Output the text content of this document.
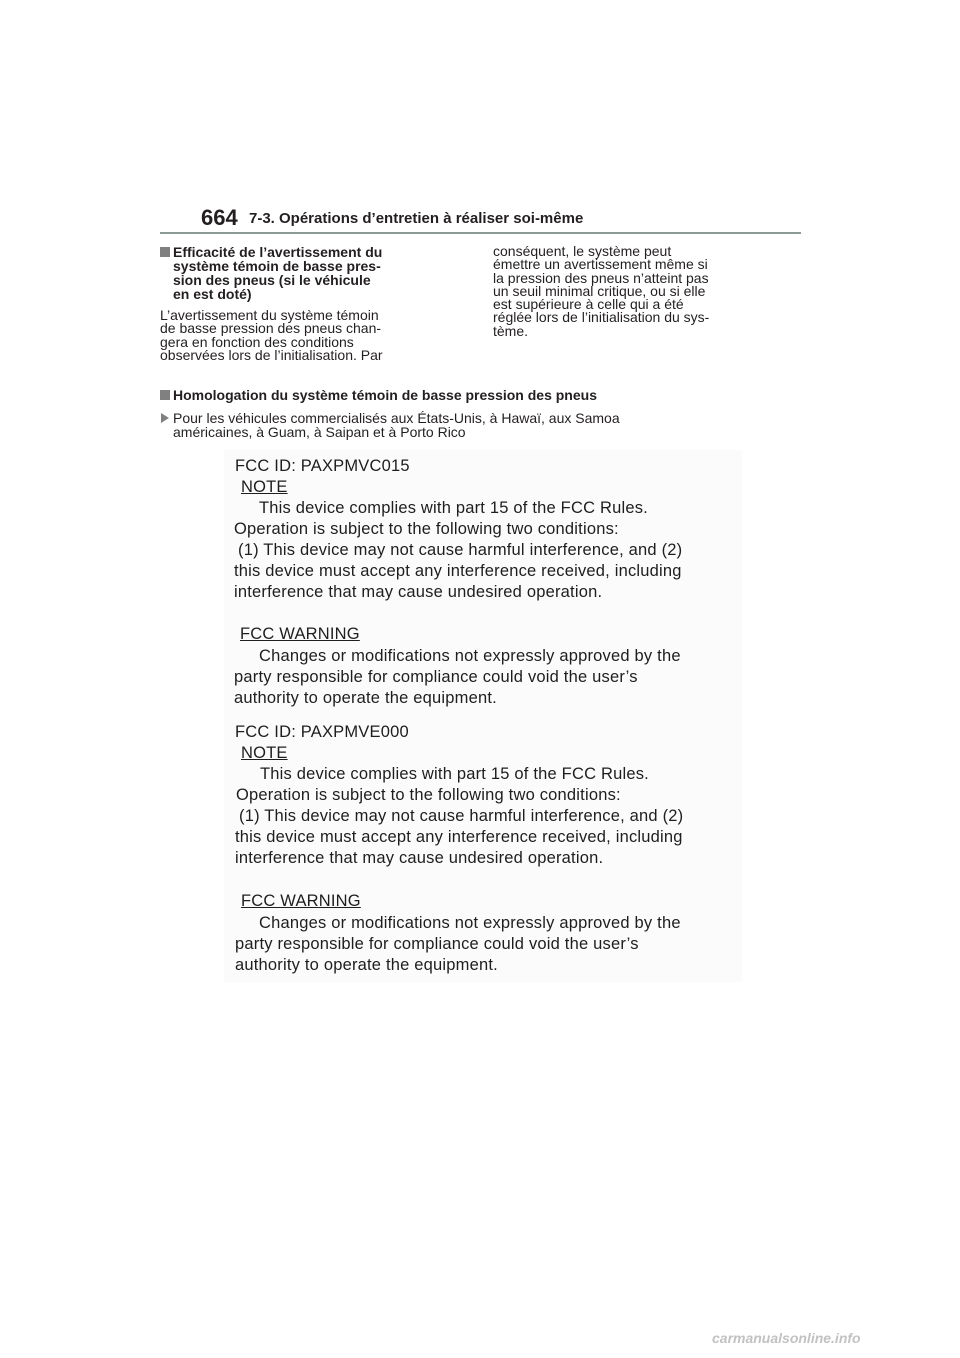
664 7-3. Opérations d’entretien à réaliser soi-même
Efficacité de l’avertissement du
système témoin de basse pres-
sion des pneus (si le véhicule
en est doté)
L’avertissement du système témoin
de basse pression des pneus chan-
gera en fonction des conditions
observées lors de l’initialisation. Par
conséquent, le système peut
émettre un avertissement même si
la pression des pneus n’atteint pas
un seuil minimal critique, ou si elle
est supérieure à celle qui a été
réglée lors de l’initialisation du sys-
tème.
Homologation du système témoin de basse pression des pneus
Pour les véhicules commercialisés aux États-Unis, à Hawaï, aux Samoa
américaines, à Guam, à Saipan et à Porto Rico
FCC ID: PAXPMVC015
NOTE
This device complies with part 15 of the FCC Rules.
Operation is subject to the following two conditions:
(1) This device may not cause harmful interference, and (2)
this device must accept any interference received, including
interference that may cause undesired operation.
FCC WARNING
Changes or modifications not expressly approved by the
party responsible for compliance could void the user’s
authority to operate the equipment.
FCC ID: PAXPMVE000
NOTE
This device complies with part 15 of the FCC Rules.
Operation is subject to the following two conditions:
(1) This device may not cause harmful interference, and (2)
this device must accept any interference received, including
interference that may cause undesired operation.
FCC WARNING
Changes or modifications not expressly approved by the
party responsible for compliance could void the user’s
authority to operate the equipment.
carmanualsonline.info
